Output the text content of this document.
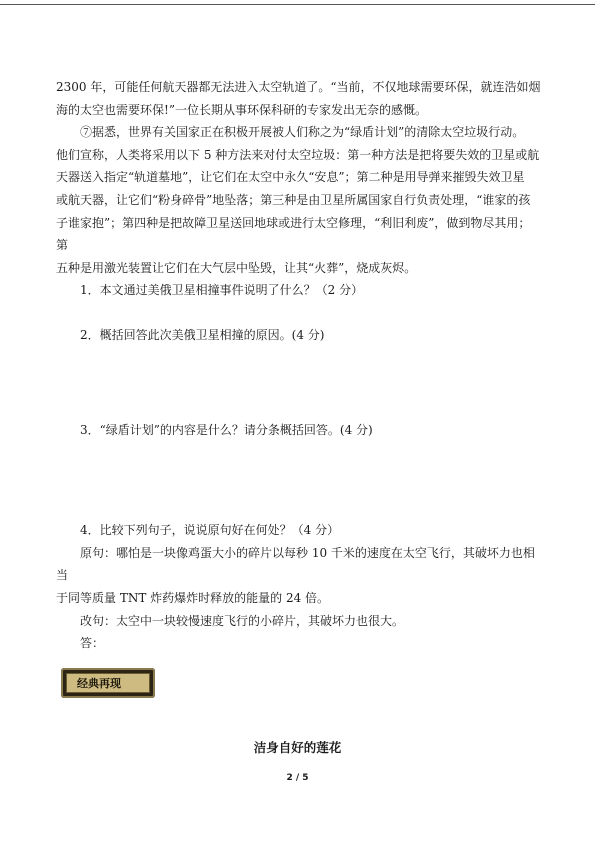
2300 年，可能任何航天器都无法进入太空轨道了。“当前，不仅地球需要环保，就连浩如烟

海的太空也需要环保!”一位长期从事环保科研的专家发出无奈的感慨。

⑦据悉，世界有关国家正在积极开展被人们称之为“绿盾计划”的清除太空垃圾行动。

他们宣称，人类将采用以下 5 种方法来对付太空垃圾：第一种方法是把将要失效的卫星或航

天器送入指定“轨道墓地”，让它们在太空中永久“安息”；第二种是用导弹来摧毁失效卫星

或航天器，让它们“粉身碎骨”地坠落；第三种是由卫星所属国家自行负责处理，“谁家的孩

子谁家抱”；第四种是把故障卫星送回地球或进行太空修理，“利旧利废”，做到物尽其用；第

五种是用激光装置让它们在大气层中坠毁，让其“火葬”，烧成灰烬。

1．本文通过美俄卫星相撞事件说明了什么？（2 分）

2．概括回答此次美俄卫星相撞的原因。(4 分)

3．“绿盾计划”的内容是什么？请分条概括回答。(4 分)

4．比较下列句子，说说原句好在何处？（4 分）

原句：哪怕是一块像鸡蛋大小的碎片以每秒 10 千米的速度在太空飞行，其破坏力也相当

于同等质量 TNT 炸药爆炸时释放的能量的 24 倍。

改句：太空中一块较慢速度飞行的小碎片，其破坏力也很大。

答：

经典再现
洁身自好的莲花
2 / 5
